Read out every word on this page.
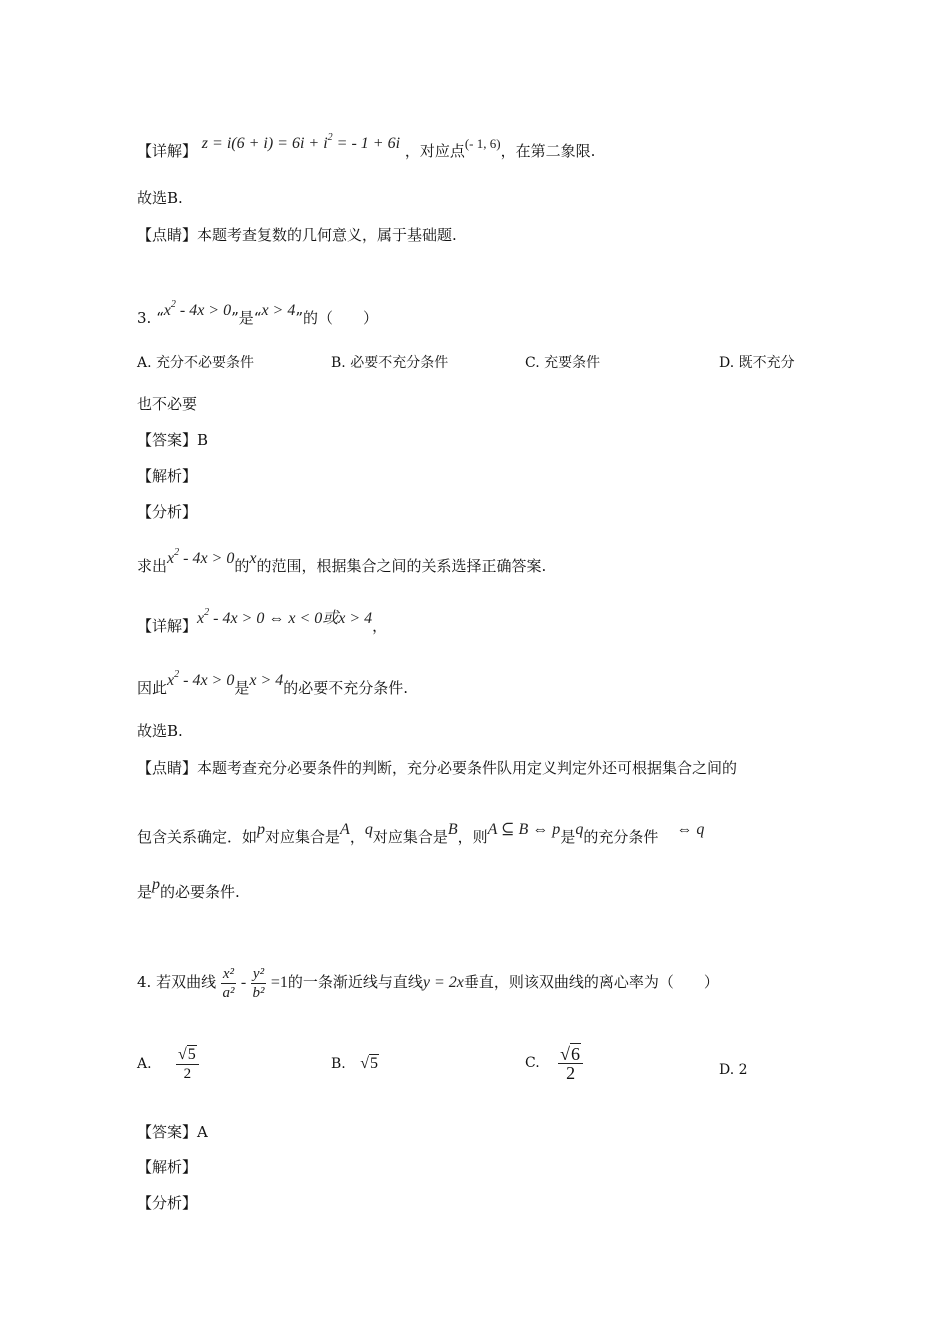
【详解】 $z = i(6 + i) = 6i + i^2$ = - 1 + 6i ，对应点(- 1, 6)，在第二象限.
故选B.
【点睛】本题考查复数的几何意义，属于基础题.
3. “$x^2 - 4x > 0$”是“x > 4”的（　　）
A. 充分不必要条件	B. 必要不充分条件	C. 充要条件	D. 既不充分
也不必要
【答案】B
【解析】
【分析】
求出$x^2 - 4x > 0$的x的范围，根据集合之间的关系选择正确答案.
【详解】$x^2 - 4x > 0$ ⇔ x < 0或x > 4，
因此$x^2 - 4x > 0$是x > 4的必要不充分条件.
故选B.
【点睛】本题考查充分必要条件的判断，充分必要条件队用定义判定外还可根据集合之间的
包含关系确定．如p对应集合是A，q对应集合是B，则A ⊆ B ⇔ p是q的充分条件 ⇔ q
是p的必要条件.
4. 若双曲线 $\frac{\text{x²}}{\text{a²}} - \frac{\text{y²}}{\text{b²}} =1$的一条渐近线与直线y = 2x垂直，则该双曲线的离心率为（　　）
A. $\frac{√5}{2}$	B. √5	C. $\frac{√6}{2}$	D. 2
【答案】A
【解析】
【分析】
